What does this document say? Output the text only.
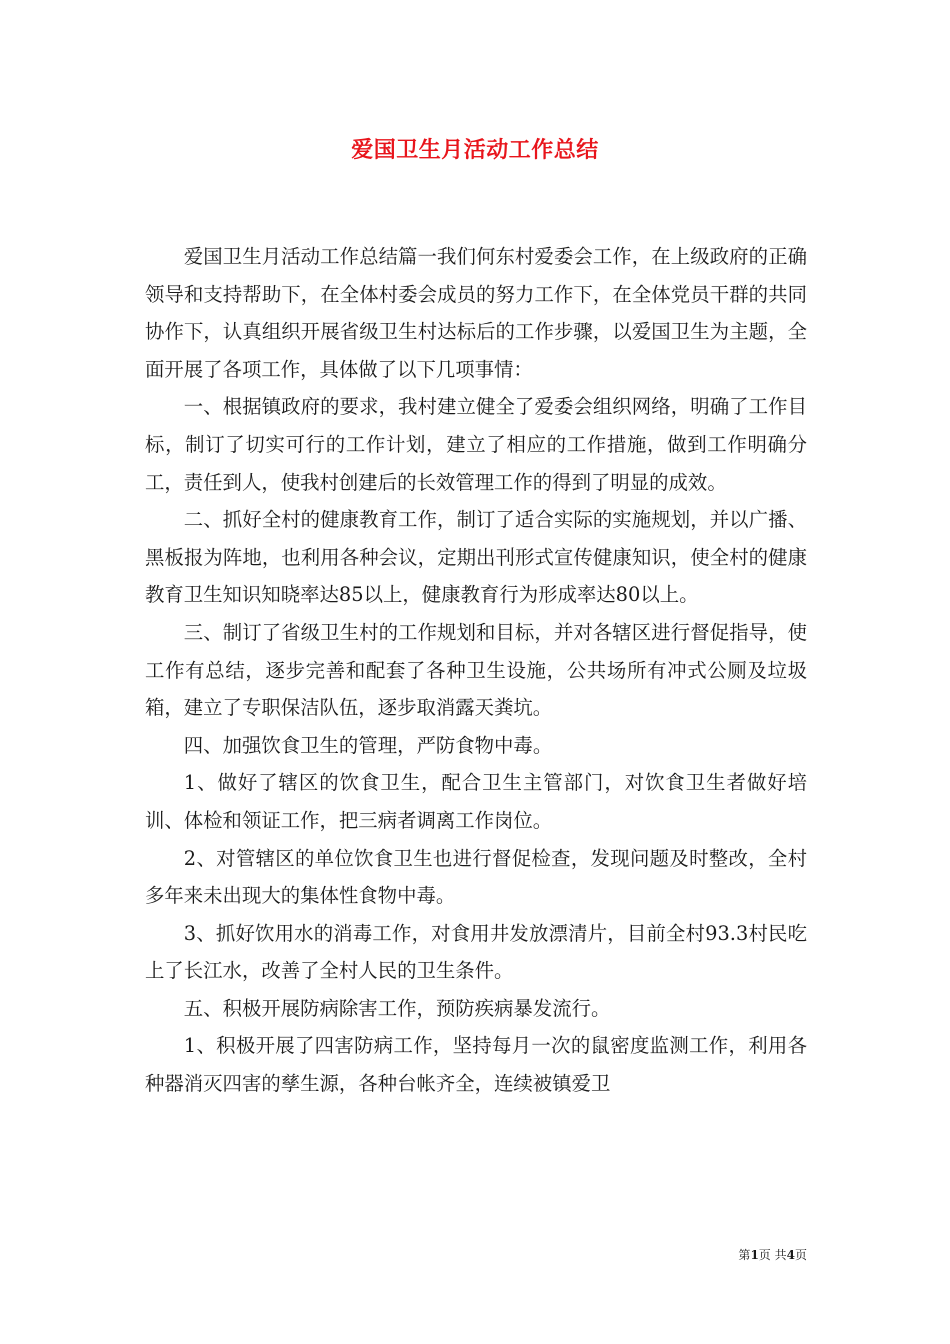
爱国卫生月活动工作总结

爱国卫生月活动工作总结篇一我们何东村爱委会工作，在上级政府的正确领导和支持帮助下，在全体村委会成员的努力工作下，在全体党员干群的共同协作下，认真组织开展省级卫生村达标后的工作步骤，以爱国卫生为主题，全面开展了各项工作，具体做了以下几项事情：

一、根据镇政府的要求，我村建立健全了爱委会组织网络，明确了工作目标，制订了切实可行的工作计划，建立了相应的工作措施，做到工作明确分工，责任到人，使我村创建后的长效管理工作的得到了明显的成效。

二、抓好全村的健康教育工作，制订了适合实际的实施规划，并以广播、黑板报为阵地，也利用各种会议，定期出刊形式宣传健康知识，使全村的健康教育卫生知识知晓率达85以上，健康教育行为形成率达80以上。

三、制订了省级卫生村的工作规划和目标，并对各辖区进行督促指导，使工作有总结，逐步完善和配套了各种卫生设施，公共场所有冲式公厕及垃圾箱，建立了专职保洁队伍，逐步取消露天粪坑。

四、加强饮食卫生的管理，严防食物中毒。

1、做好了辖区的饮食卫生，配合卫生主管部门，对饮食卫生者做好培训、体检和领证工作，把三病者调离工作岗位。

2、对管辖区的单位饮食卫生也进行督促检查，发现问题及时整改，全村多年来未出现大的集体性食物中毒。

3、抓好饮用水的消毒工作，对食用井发放漂清片，目前全村93.3村民吃上了长江水，改善了全村人民的卫生条件。

五、积极开展防病除害工作，预防疾病暴发流行。

1、积极开展了四害防病工作，坚持每月一次的鼠密度监测工作，利用各种器消灭四害的孳生源，各种台帐齐全，连续被镇爱卫

第1页 共4页
